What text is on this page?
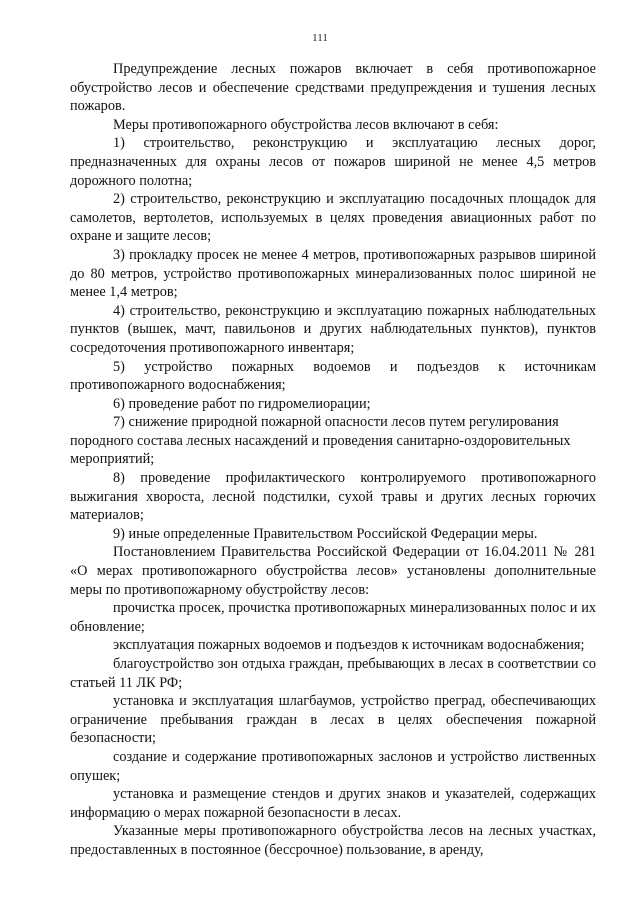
111

Предупреждение лесных пожаров включает в себя противопожарное обустройство лесов и обеспечение средствами предупреждения и тушения лесных пожаров.

Меры противопожарного обустройства лесов включают в себя:

1) строительство, реконструкцию и эксплуатацию лесных дорог, предназначенных для охраны лесов от пожаров шириной не менее 4,5 метров дорожного полотна;

2) строительство, реконструкцию и эксплуатацию посадочных площадок для самолетов, вертолетов, используемых в целях проведения авиационных работ по охране и защите лесов;

3) прокладку просек не менее 4 метров, противопожарных разрывов шириной до 80 метров, устройство противопожарных минерализованных полос шириной не менее 1,4 метров;

4) строительство, реконструкцию и эксплуатацию пожарных наблюдательных пунктов (вышек, мачт, павильонов и других наблюдательных пунктов), пунктов сосредоточения противопожарного инвентаря;

5) устройство пожарных водоемов и подъездов к источникам противопожарного водоснабжения;

6) проведение работ по гидромелиорации;

7) снижение природной пожарной опасности лесов путем регулирования породного состава лесных насаждений и проведения санитарно-оздоровительных

мероприятий;

8) проведение профилактического контролируемого противопожарного выжигания хвороста, лесной подстилки, сухой травы и других лесных горючих материалов;

9) иные определенные Правительством Российской Федерации меры.

Постановлением Правительства Российской Федерации от 16.04.2011 № 281 «О мерах противопожарного обустройства лесов» установлены дополнительные меры по противопожарному обустройству лесов:

прочистка просек, прочистка противопожарных минерализованных полос и их обновление;

эксплуатация пожарных водоемов и подъездов к источникам водоснабжения;

благоустройство зон отдыха граждан, пребывающих в лесах в соответствии со статьей 11 ЛК РФ;

установка и эксплуатация шлагбаумов, устройство преград, обеспечивающих ограничение пребывания граждан в лесах в целях обеспечения пожарной безопасности;

создание и содержание противопожарных заслонов и устройство лиственных опушек;

установка и размещение стендов и других знаков и указателей, содержащих информацию о мерах пожарной безопасности в лесах.

Указанные меры противопожарного обустройства лесов на лесных участках, предоставленных в постоянное (бессрочное) пользование, в аренду,
